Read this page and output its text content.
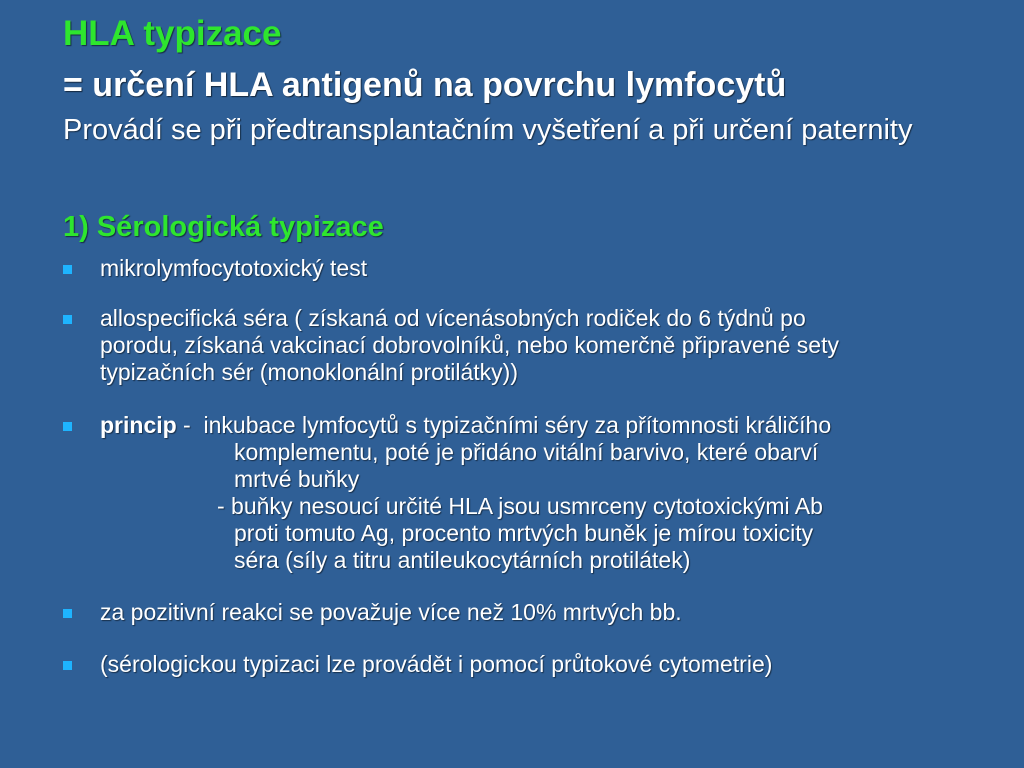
HLA typizace
= určení HLA antigenů na povrchu lymfocytů
Provádí se při předtransplantačním vyšetření a při určení paternity
1) Sérologická typizace
mikrolymfocytotoxický test
allospecifická séra ( získaná od vícenásobných rodiček do 6 týdnů po
porodu, získaná vakcinací dobrovolníků, nebo komerčně připravené sety
typizačních sér (monoklonální protilátky))
princip -  inkubace lymfocytů s typizačními séry za přítomnosti králičího
komplementu, poté je přidáno vitální barvivo, které obarví
mrtvé buňky
- buňky nesoucí určité HLA jsou usmrceny cytotoxickými Ab
proti tomuto Ag, procento mrtvých buněk je mírou toxicity
séra (síly a titru antileukocytárních protilátek)
za pozitivní reakci se považuje více než 10% mrtvých bb.
(sérologickou typizaci lze provádět i pomocí průtokové cytometrie)
